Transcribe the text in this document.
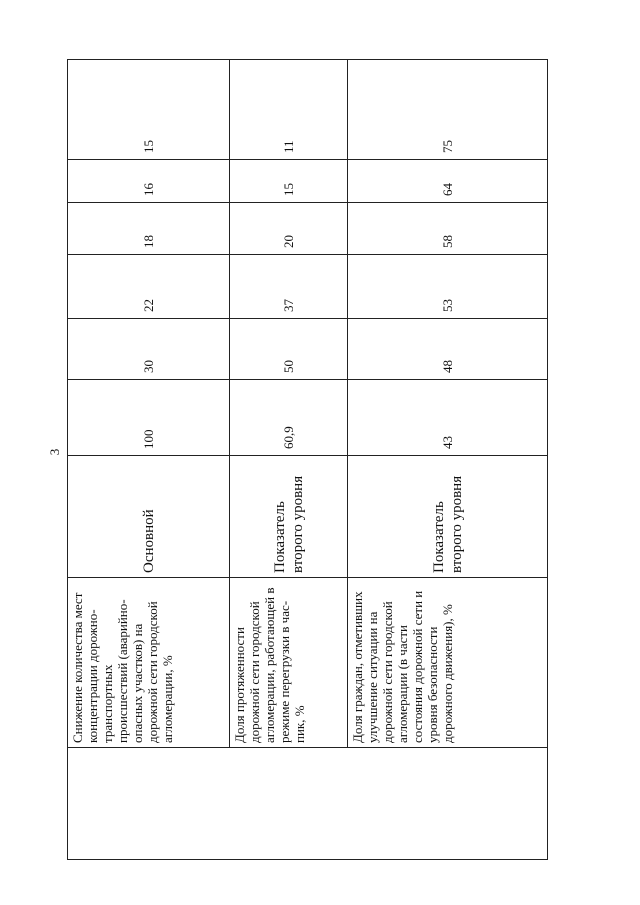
3
	Снижение количества мест концентрации дорожно-транспортных происшествий (аварийно-опасных участков) на дорожной сети городской агломерации, %	Основной	100	30	22	18	16	15
	Доля протяженности дорожной сети городской агломерации, работающей в режиме перегрузки в час-пик, %	Показатель второго уровня	60,9	50	37	20	15	11
	Доля граждан, отметивших улучшение ситуации на дорожной сети городской агломерации (в части состояния дорожной сети и уровня безопасности дорожного движения), %	Показатель второго уровня	43	48	53	58	64	75
